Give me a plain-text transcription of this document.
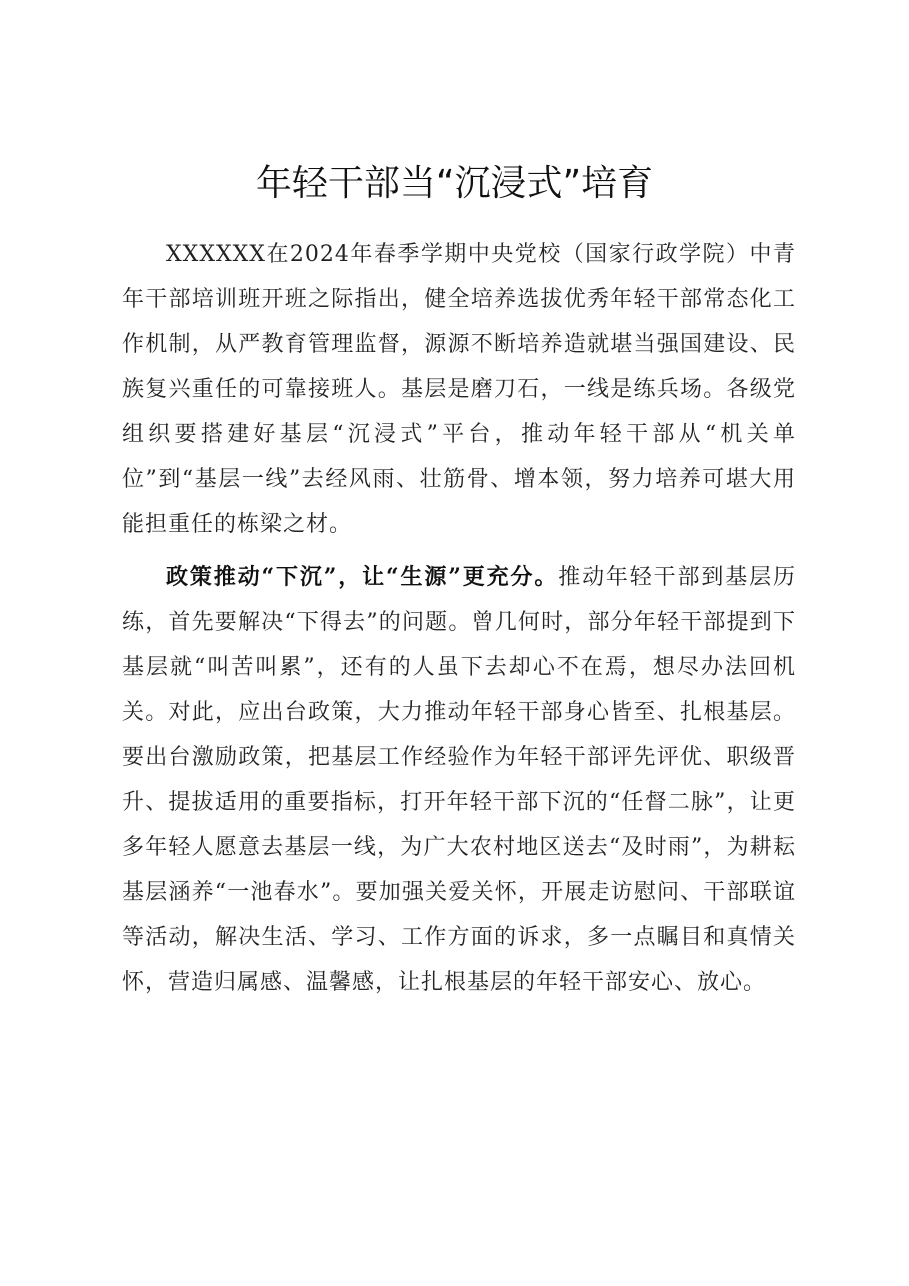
年轻干部当“沉浸式”培育

XXXXXX在2024年春季学期中央党校（国家行政学院）中青年干部培训班开班之际指出，健全培养选拔优秀年轻干部常态化工作机制，从严教育管理监督，源源不断培养造就堪当强国建设、民族复兴重任的可靠接班人。基层是磨刀石，一线是练兵场。各级党组织要搭建好基层“沉浸式”平台，推动年轻干部从“机关单位”到“基层一线”去经风雨、壮筋骨、增本领，努力培养可堪大用能担重任的栋梁之材。

政策推动“下沉”，让“生源”更充分。推动年轻干部到基层历练，首先要解决“下得去”的问题。曾几何时，部分年轻干部提到下基层就“叫苦叫累”，还有的人虽下去却心不在焉，想尽办法回机关。对此，应出台政策，大力推动年轻干部身心皆至、扎根基层。要出台激励政策，把基层工作经验作为年轻干部评先评优、职级晋升、提拔适用的重要指标，打开年轻干部下沉的“任督二脉”，让更多年轻人愿意去基层一线，为广大农村地区送去“及时雨”，为耕耘基层涵养“一池春水”。要加强关爱关怀，开展走访慰问、干部联谊等活动，解决生活、学习、工作方面的诉求，多一点瞩目和真情关怀，营造归属感、温馨感，让扎根基层的年轻干部安心、放心。
